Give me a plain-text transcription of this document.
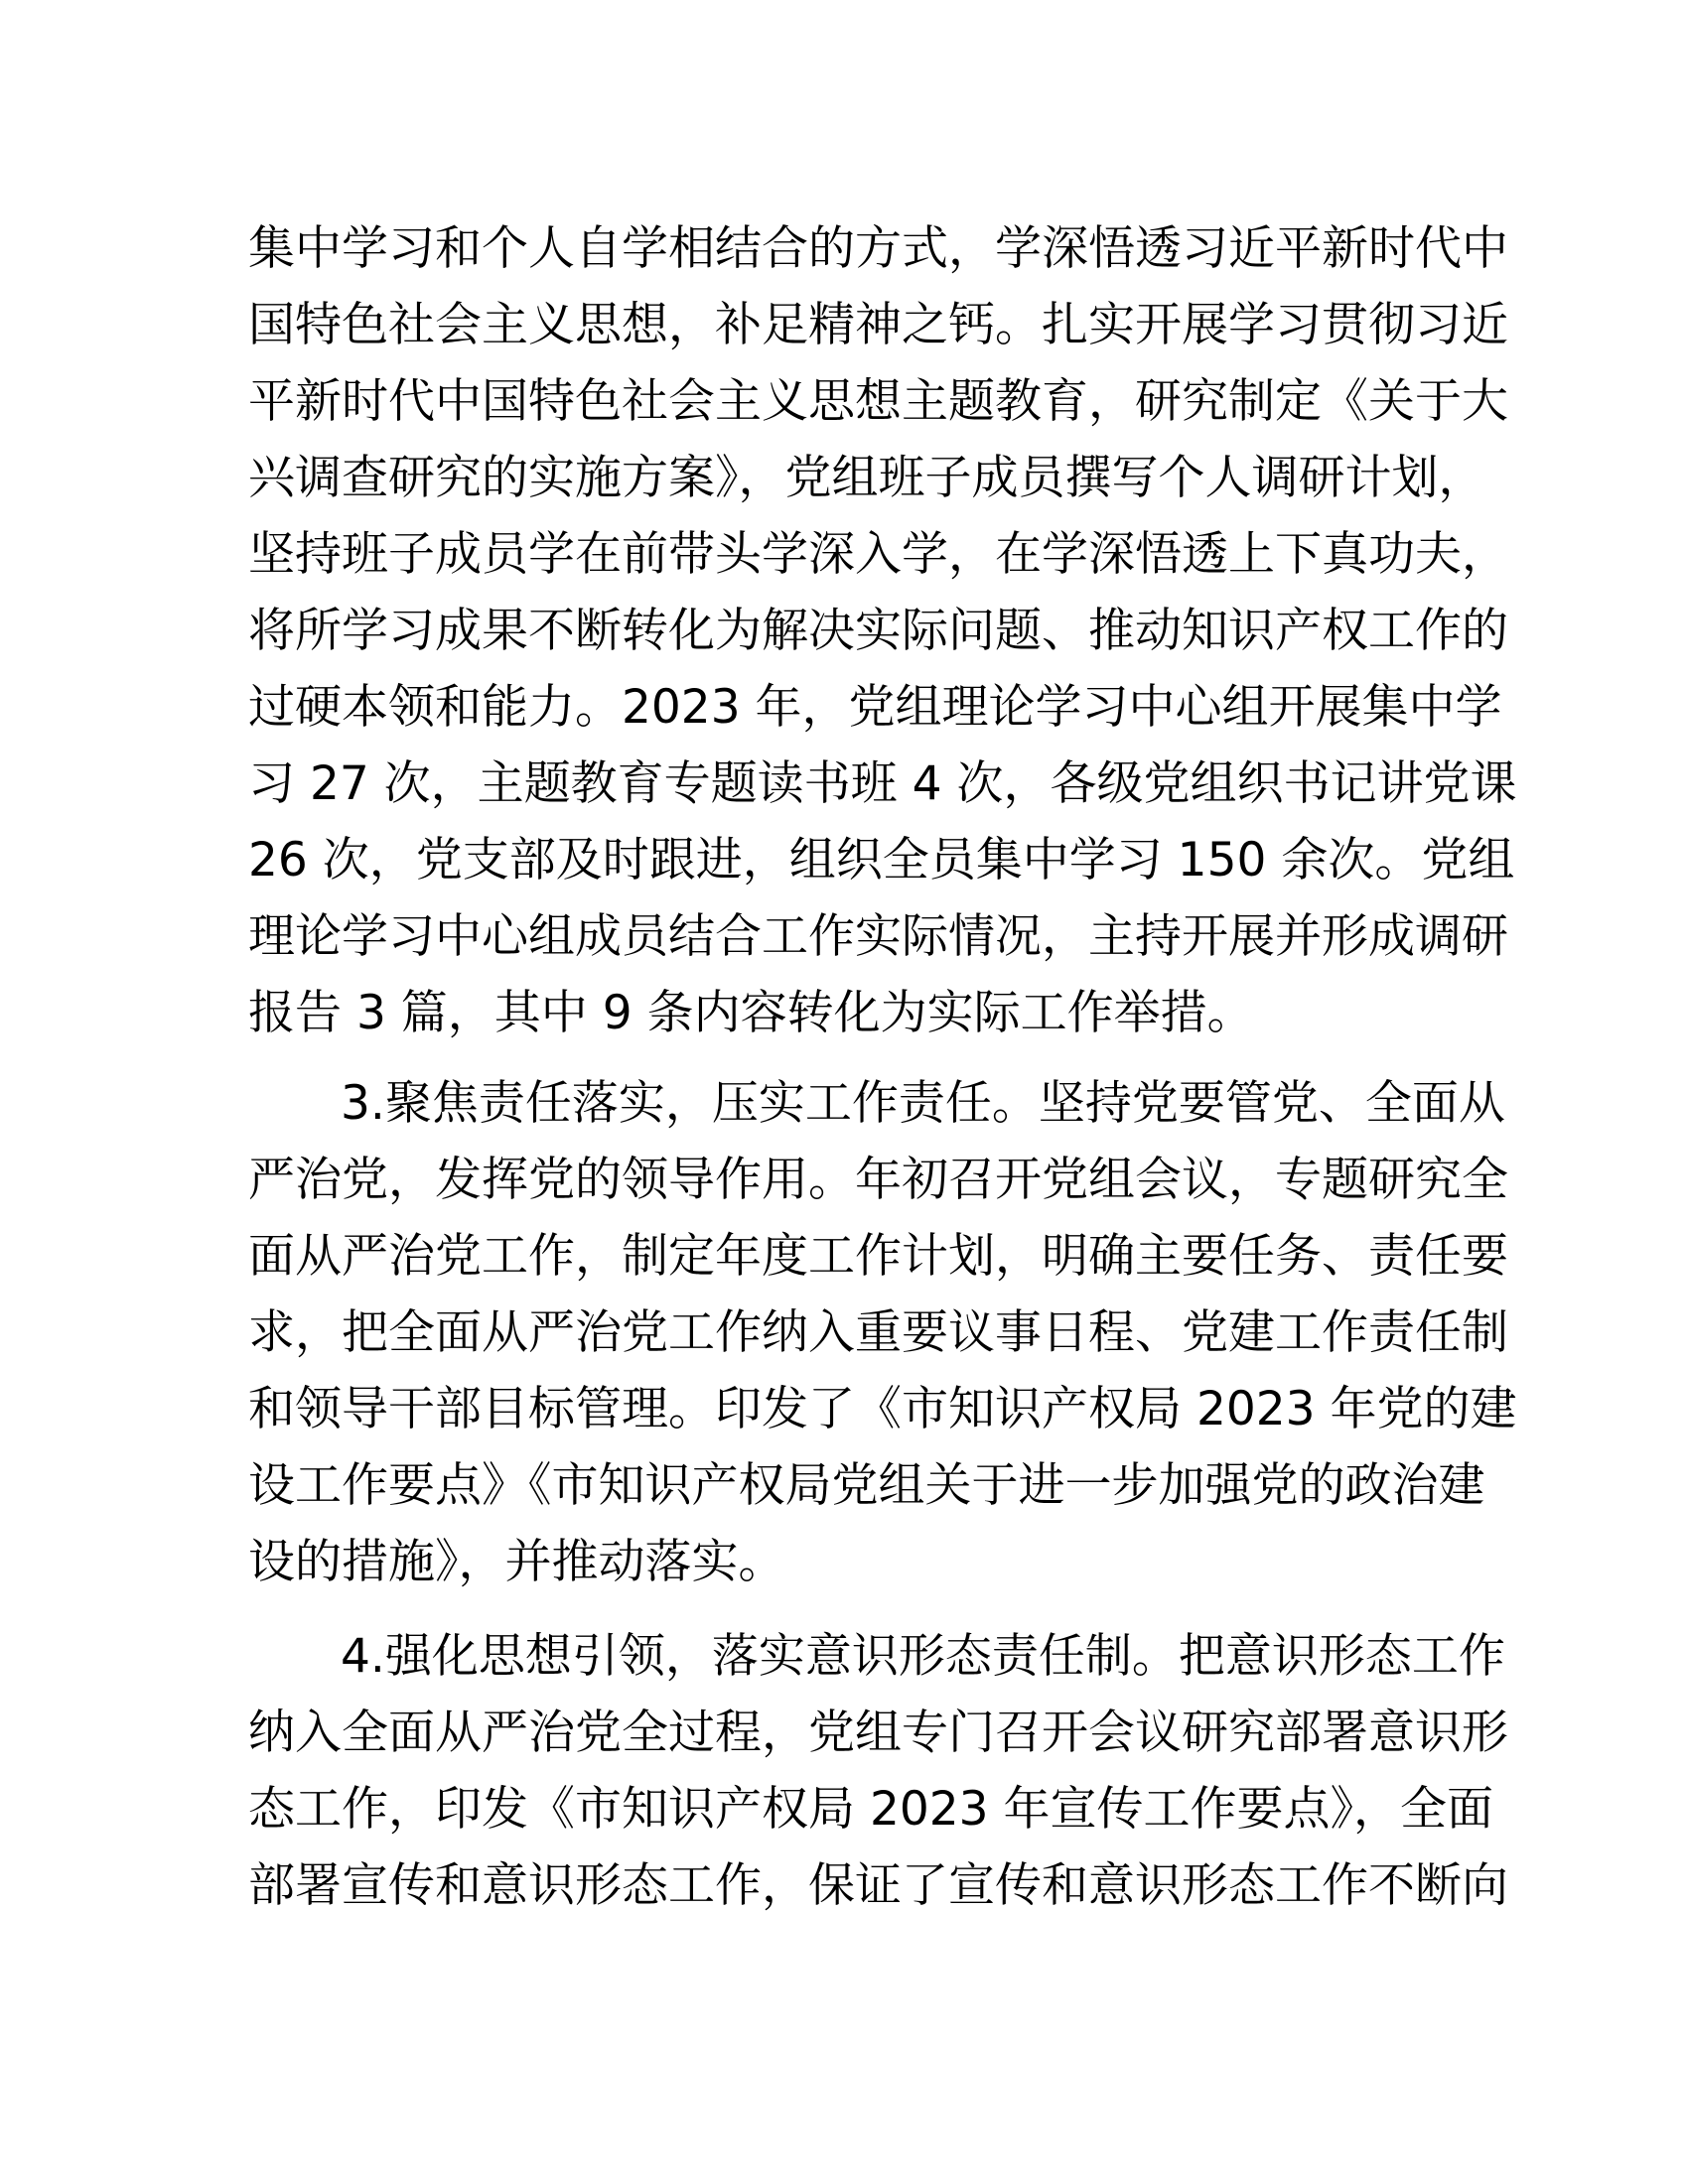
集中学习和个人自学相结合的方式，学深悟透习近平新时代中
国特色社会主义思想，补足精神之钙。扎实开展学习贯彻习近
平新时代中国特色社会主义思想主题教育，研究制定《关于大
兴调查研究的实施方案》，党组班子成员撰写个人调研计划，
坚持班子成员学在前带头学深入学，在学深悟透上下真功夫，
将所学习成果不断转化为解决实际问题、推动知识产权工作的
过硬本领和能力。2023 年，党组理论学习中心组开展集中学
习 27 次，主题教育专题读书班 4 次，各级党组织书记讲党课
26 次，党支部及时跟进，组织全员集中学习 150 余次。党组
理论学习中心组成员结合工作实际情况，主持开展并形成调研
报告 3 篇，其中 9 条内容转化为实际工作举措。
3.聚焦责任落实，压实工作责任。坚持党要管党、全面从
严治党，发挥党的领导作用。年初召开党组会议，专题研究全
面从严治党工作，制定年度工作计划，明确主要任务、责任要
求，把全面从严治党工作纳入重要议事日程、党建工作责任制
和领导干部目标管理。印发了《市知识产权局 2023 年党的建
设工作要点》《市知识产权局党组关于进一步加强党的政治建
设的措施》，并推动落实。
4.强化思想引领，落实意识形态责任制。把意识形态工作
纳入全面从严治党全过程，党组专门召开会议研究部署意识形
态工作，印发《市知识产权局 2023 年宣传工作要点》，全面
部署宣传和意识形态工作，保证了宣传和意识形态工作不断向
